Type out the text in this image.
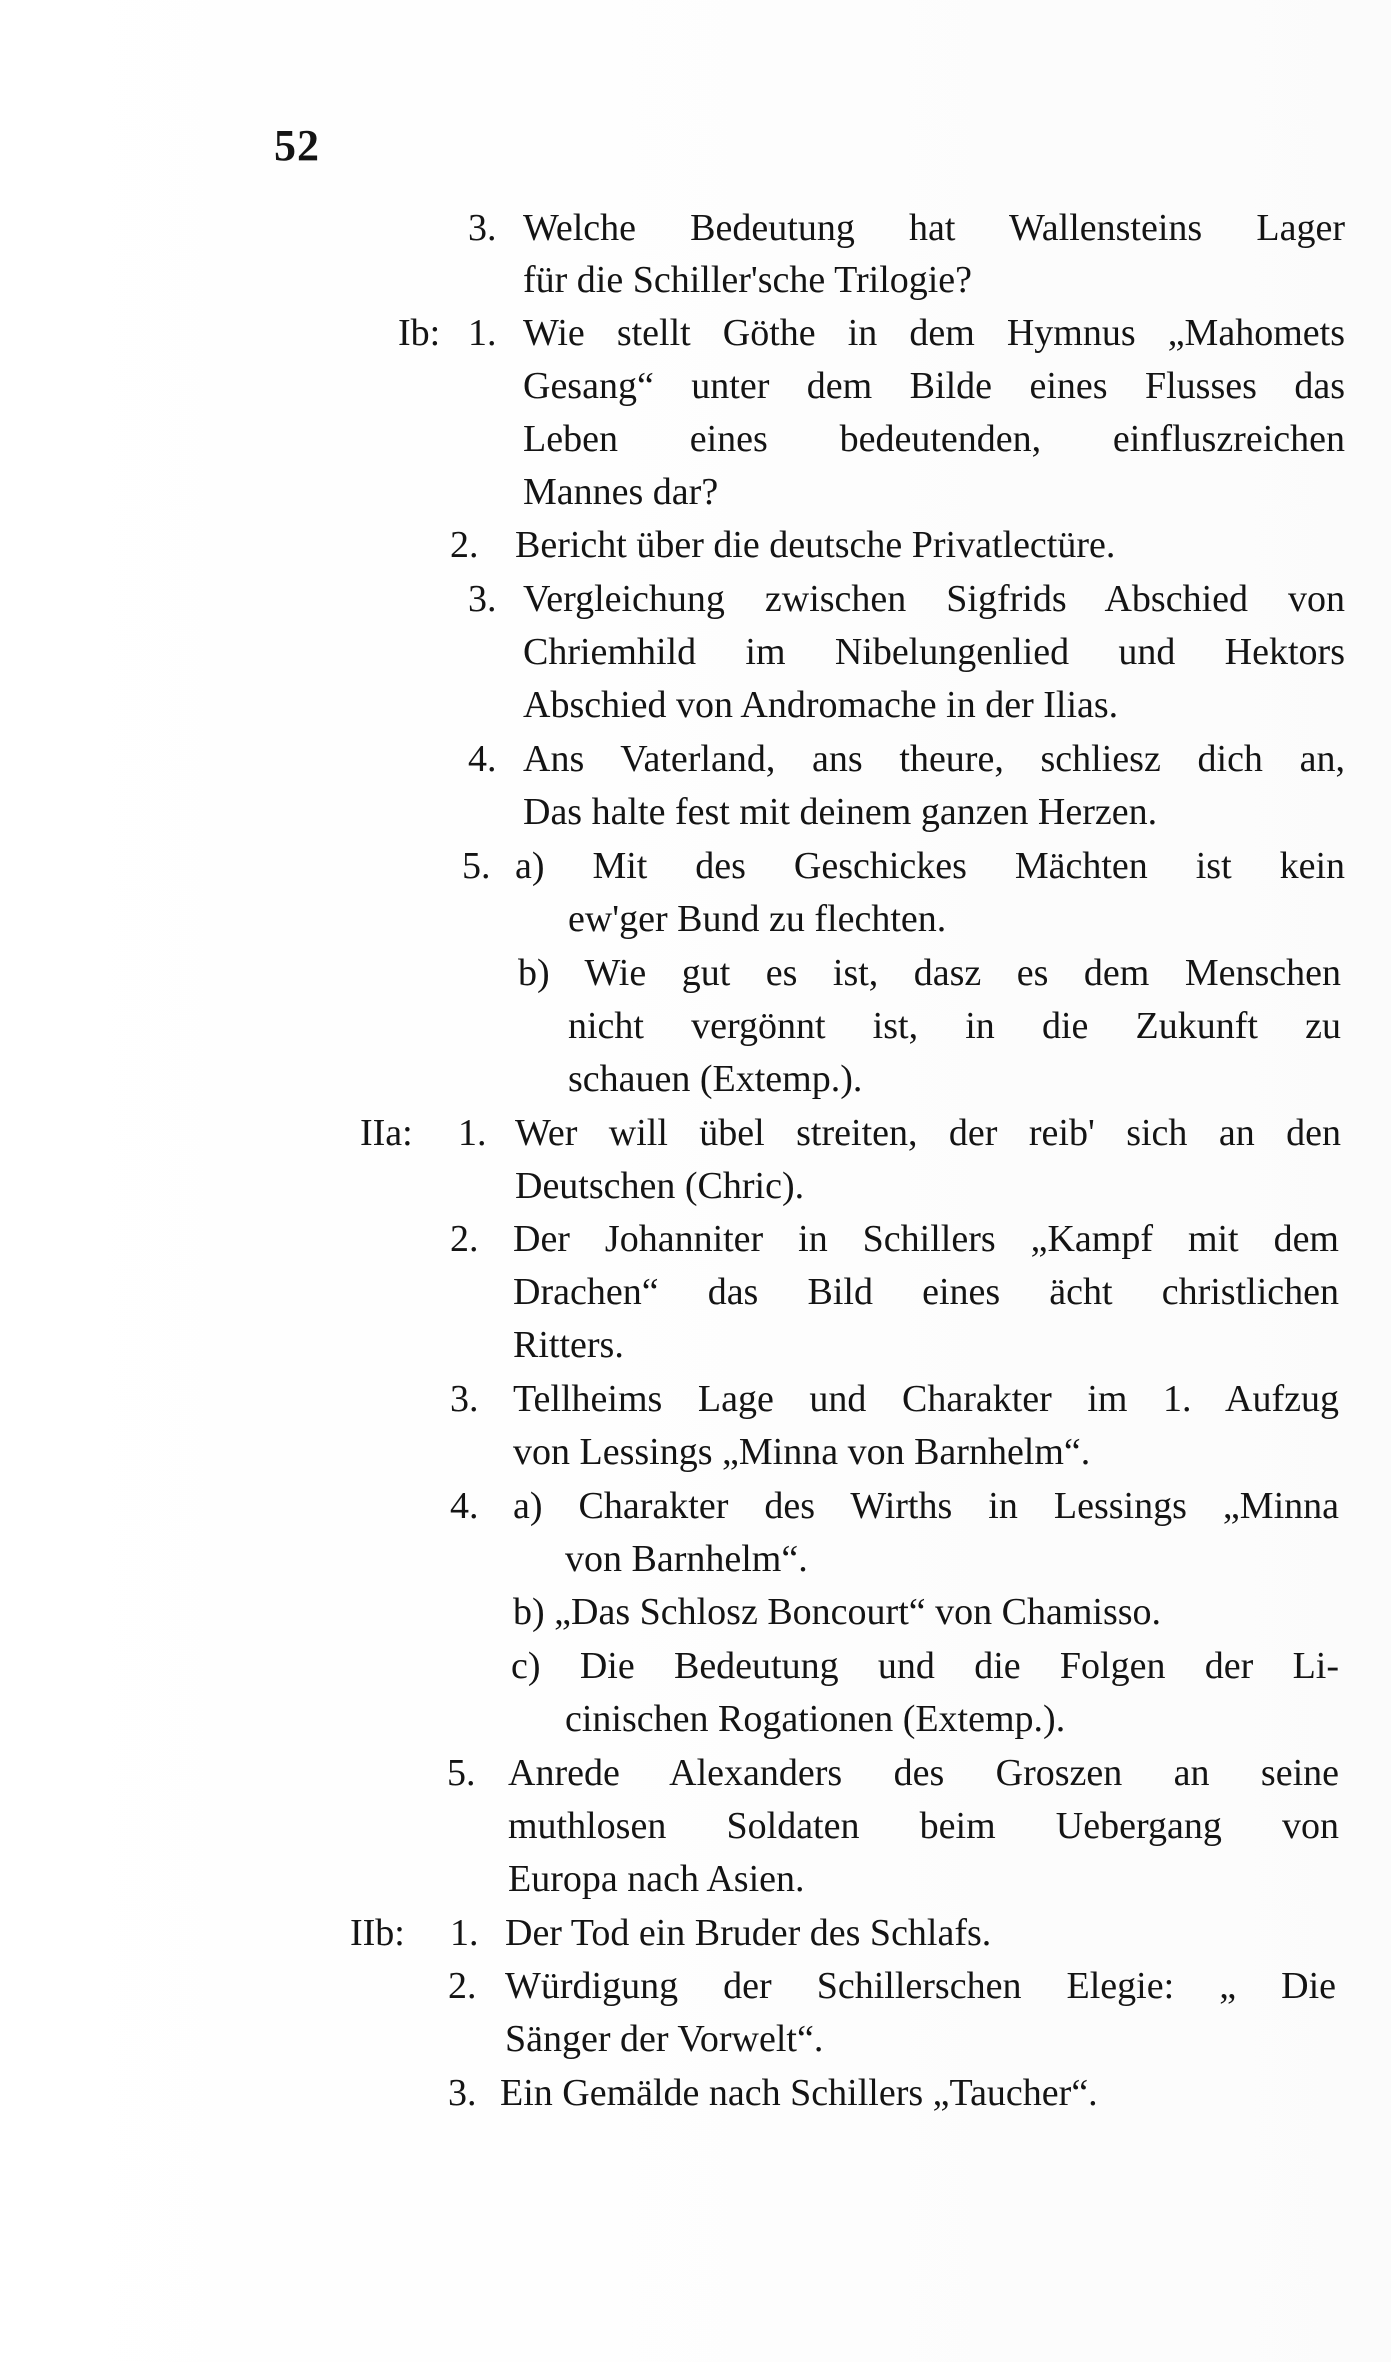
52
3. Welche Bedeutung hat Wallensteins Lager
für die Schiller'sche Trilogie?
Ib: 1. Wie stellt Göthe in dem Hymnus „Mahomets
Gesang“ unter dem Bilde eines Flusses das
Leben eines bedeutenden, einfluszreichen
Mannes dar?
2. Bericht über die deutsche Privatlectüre.
3. Vergleichung zwischen Sigfrids Abschied von
Chriemhild im Nibelungenlied und Hektors
Abschied von Andromache in der Ilias.
4. Ans Vaterland, ans theure, schliesz dich an,
Das halte fest mit deinem ganzen Herzen.
5. a) Mit des Geschickes Mächten ist kein
ew'ger Bund zu flechten.
b) Wie gut es ist, dasz es dem Menschen
nicht vergönnt ist, in die Zukunft zu
schauen (Extemp.).
IIa: 1. Wer will übel streiten, der reib' sich an den
Deutschen (Chric).
2. Der Johanniter in Schillers „Kampf mit dem
Drachen“ das Bild eines ächt christlichen
Ritters.
3. Tellheims Lage und Charakter im 1. Aufzug
von Lessings „Minna von Barnhelm“.
4. a) Charakter des Wirths in Lessings „Minna
von Barnhelm“.
b) „Das Schlosz Boncourt“ von Chamisso.
c) Die Bedeutung und die Folgen der Li-
cinischen Rogationen (Extemp.).
5. Anrede Alexanders des Groszen an seine
muthlosen Soldaten beim Uebergang von
Europa nach Asien.
IIb: 1. Der Tod ein Bruder des Schlafs.
2. Würdigung der Schillerschen Elegie: „ Die
Sänger der Vorwelt“.
3. Ein Gemälde nach Schillers „Taucher“.
